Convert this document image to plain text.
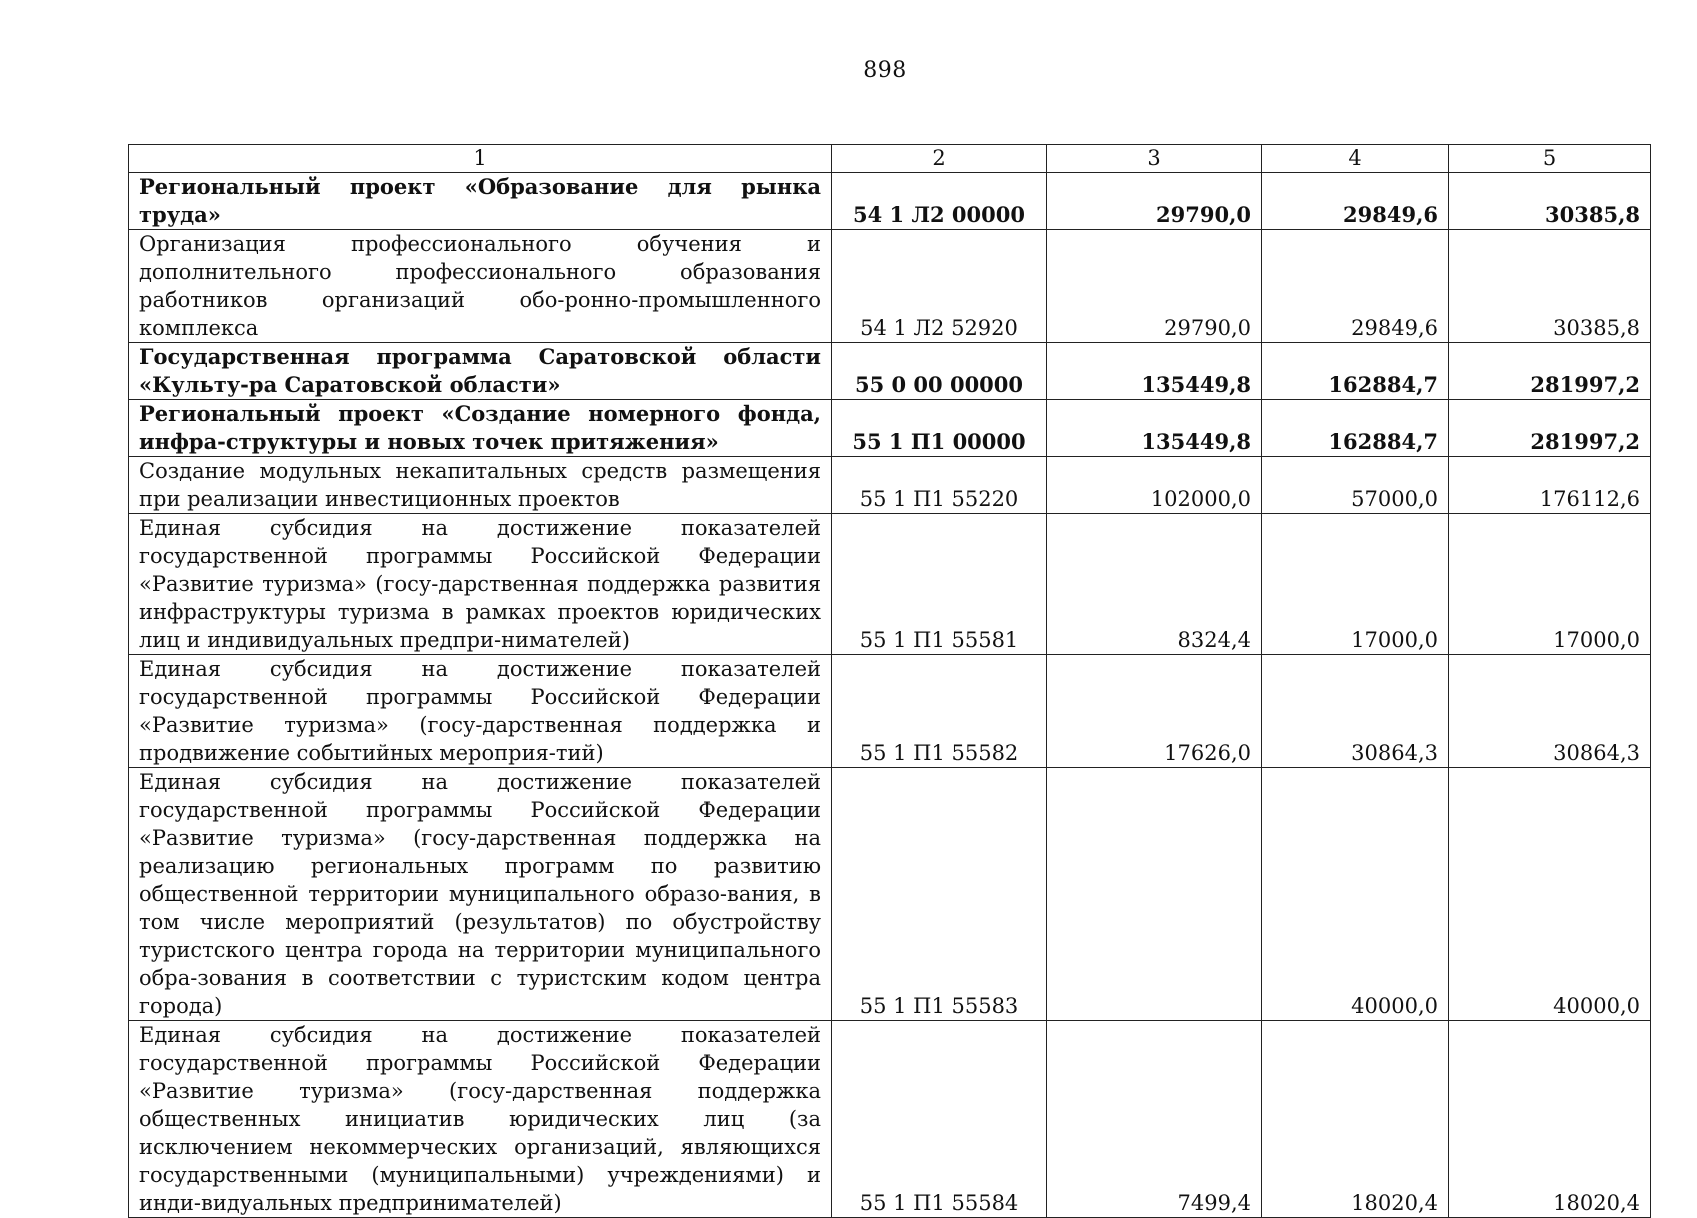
898
1	2	3	4	5
Региональный проект «Образование для рынка труда»	54 1 Л2 00000	29790,0	29849,6	30385,8
Организация профессионального обучения и дополнительного профессионального образования работников организаций обо-ронно-промышленного комплекса	54 1 Л2 52920	29790,0	29849,6	30385,8
Государственная программа Саратовской области «Культу-ра Саратовской области»	55 0 00 00000	135449,8	162884,7	281997,2
Региональный проект «Создание номерного фонда, инфра-структуры и новых точек притяжения»	55 1 П1 00000	135449,8	162884,7	281997,2
Создание модульных некапитальных средств размещения при реализации инвестиционных проектов	55 1 П1 55220	102000,0	57000,0	176112,6
Единая субсидия на достижение показателей государственной программы Российской Федерации «Развитие туризма» (госу-дарственная поддержка развития инфраструктуры туризма в рамках проектов юридических лиц и индивидуальных предпри-нимателей)	55 1 П1 55581	8324,4	17000,0	17000,0
Единая субсидия на достижение показателей государственной программы Российской Федерации «Развитие туризма» (госу-дарственная поддержка и продвижение событийных мероприя-тий)	55 1 П1 55582	17626,0	30864,3	30864,3
Единая субсидия на достижение показателей государственной программы Российской Федерации «Развитие туризма» (госу-дарственная поддержка на реализацию региональных программ по развитию общественной территории муниципального образо-вания, в том числе мероприятий (результатов) по обустройству туристского центра города на территории муниципального обра-зования в соответствии с туристским кодом центра города)	55 1 П1 55583		40000,0	40000,0
Единая субсидия на достижение показателей государственной программы Российской Федерации «Развитие туризма» (госу-дарственная поддержка общественных инициатив юридических лиц (за исключением некоммерческих организаций, являющихся государственными (муниципальными) учреждениями) и инди-видуальных предпринимателей)	55 1 П1 55584	7499,4	18020,4	18020,4
